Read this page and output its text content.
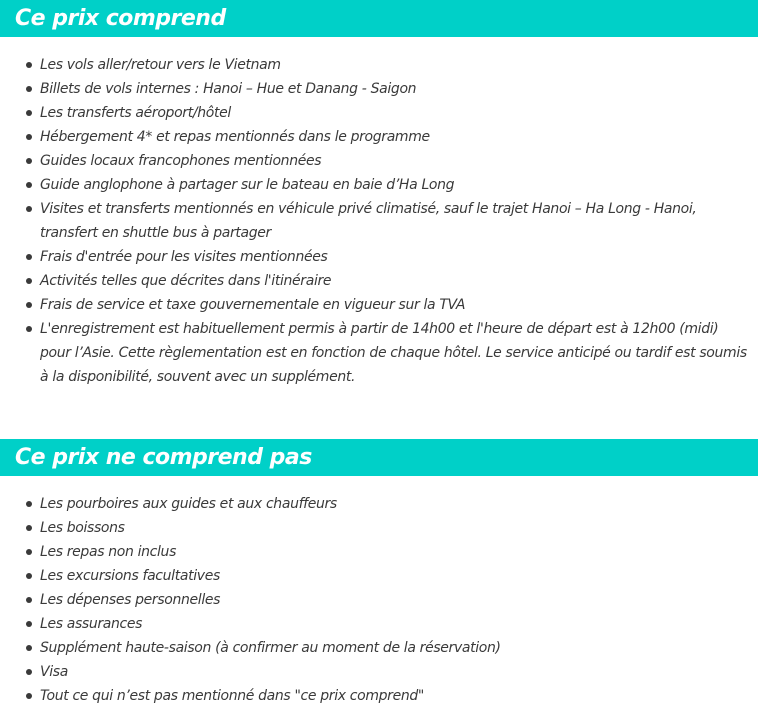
Ce prix comprend
Les vols aller/retour vers le Vietnam
Billets de vols internes : Hanoi – Hue et Danang - Saigon
Les transferts aéroport/hôtel
Hébergement 4* et repas mentionnés dans le programme
Guides locaux francophones mentionnées
Guide anglophone à partager sur le bateau en baie d’Ha Long
Visites et transferts mentionnés en véhicule privé climatisé, sauf le trajet Hanoi – Ha Long - Hanoi, transfert en shuttle bus à partager
Frais d'entrée pour les visites mentionnées
Activités telles que décrites dans l'itinéraire
Frais de service et taxe gouvernementale en vigueur sur la TVA
L'enregistrement est habituellement permis à partir de 14h00 et l'heure de départ est à 12h00 (midi) pour l’Asie. Cette règlementation est en fonction de chaque hôtel. Le service anticipé ou tardif est soumis à la disponibilité, souvent avec un supplément.
Ce prix ne comprend pas
Les pourboires aux guides et aux chauffeurs
Les boissons
Les repas non inclus
Les excursions facultatives
Les dépenses personnelles
Les assurances
Supplément haute-saison (à confirmer au moment de la réservation)
Visa
Tout ce qui n’est pas mentionné dans "ce prix comprend"
